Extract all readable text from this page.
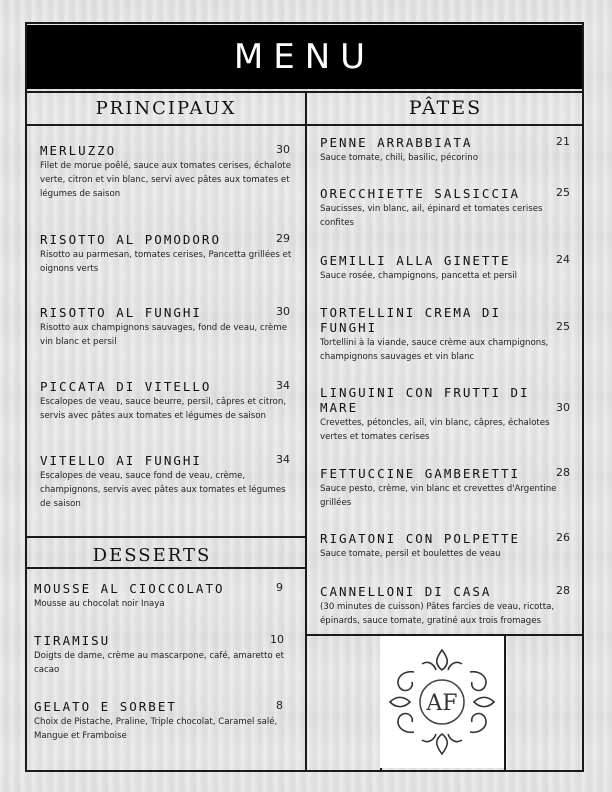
MENU
PRINCIPAUX	PÂTES
DESSERTS
MERLUZZO	30
Filet de morue poêlé, sauce aux tomates cerises, échalote verte, citron et vin blanc, servi avec pâtes aux tomates et légumes de saison
RISOTTO AL POMODORO	29
Risotto au parmesan, tomates cerises, Pancetta grillées et oignons verts
RISOTTO AL FUNGHI	30
Risotto aux champignons sauvages, fond de veau, crème vin blanc et persil
PICCATA DI VITELLO	34
Escalopes de veau, sauce beurre, persil, câpres et citron, servis avec pâtes aux tomates et légumes de saison
VITELLO AI FUNGHI	34
Escalopes de veau, sauce fond de veau, crème, champignons, servis avec pâtes aux tomates et légumes de saison
MOUSSE AL CIOCCOLATO	9
Mousse au chocolat noir Inaya
TIRAMISU	10
Doigts de dame, crème au mascarpone, café, amaretto et cacao
GELATO E SORBET	8
Choix de Pistache, Praline, Triple chocolat, Caramel salé, Mangue et Framboise
PENNE ARRABBIATA	21
Sauce tomate, chili, basilic, pécorino
ORECCHIETTE SALSICCIA	25
Saucisses, vin blanc, ail, épinard et tomates cerises confites
GEMILLI ALLA GINETTE	24
Sauce rosée, champignons, pancetta et persil
TORTELLINI CREMA DI FUNGHI	25
Tortellini à la viande, sauce crème aux champignons, champignons sauvages et vin blanc
LINGUINI CON FRUTTI DI MARE	30
Crevettes, pétoncles, ail, vin blanc, câpres, échalotes vertes et tomates cerises
FETTUCCINE GAMBERETTI	28
Sauce pesto, crème, vin blanc et crevettes d'Argentine grillées
RIGATONI CON POLPETTE	26
Sauce tomate, persil et boulettes de veau
CANNELLONI DI CASA	28
(30 minutes de cuisson) Pâtes farcies de veau, ricotta, épinards, sauce tomate, gratiné aux trois fromages
AF
